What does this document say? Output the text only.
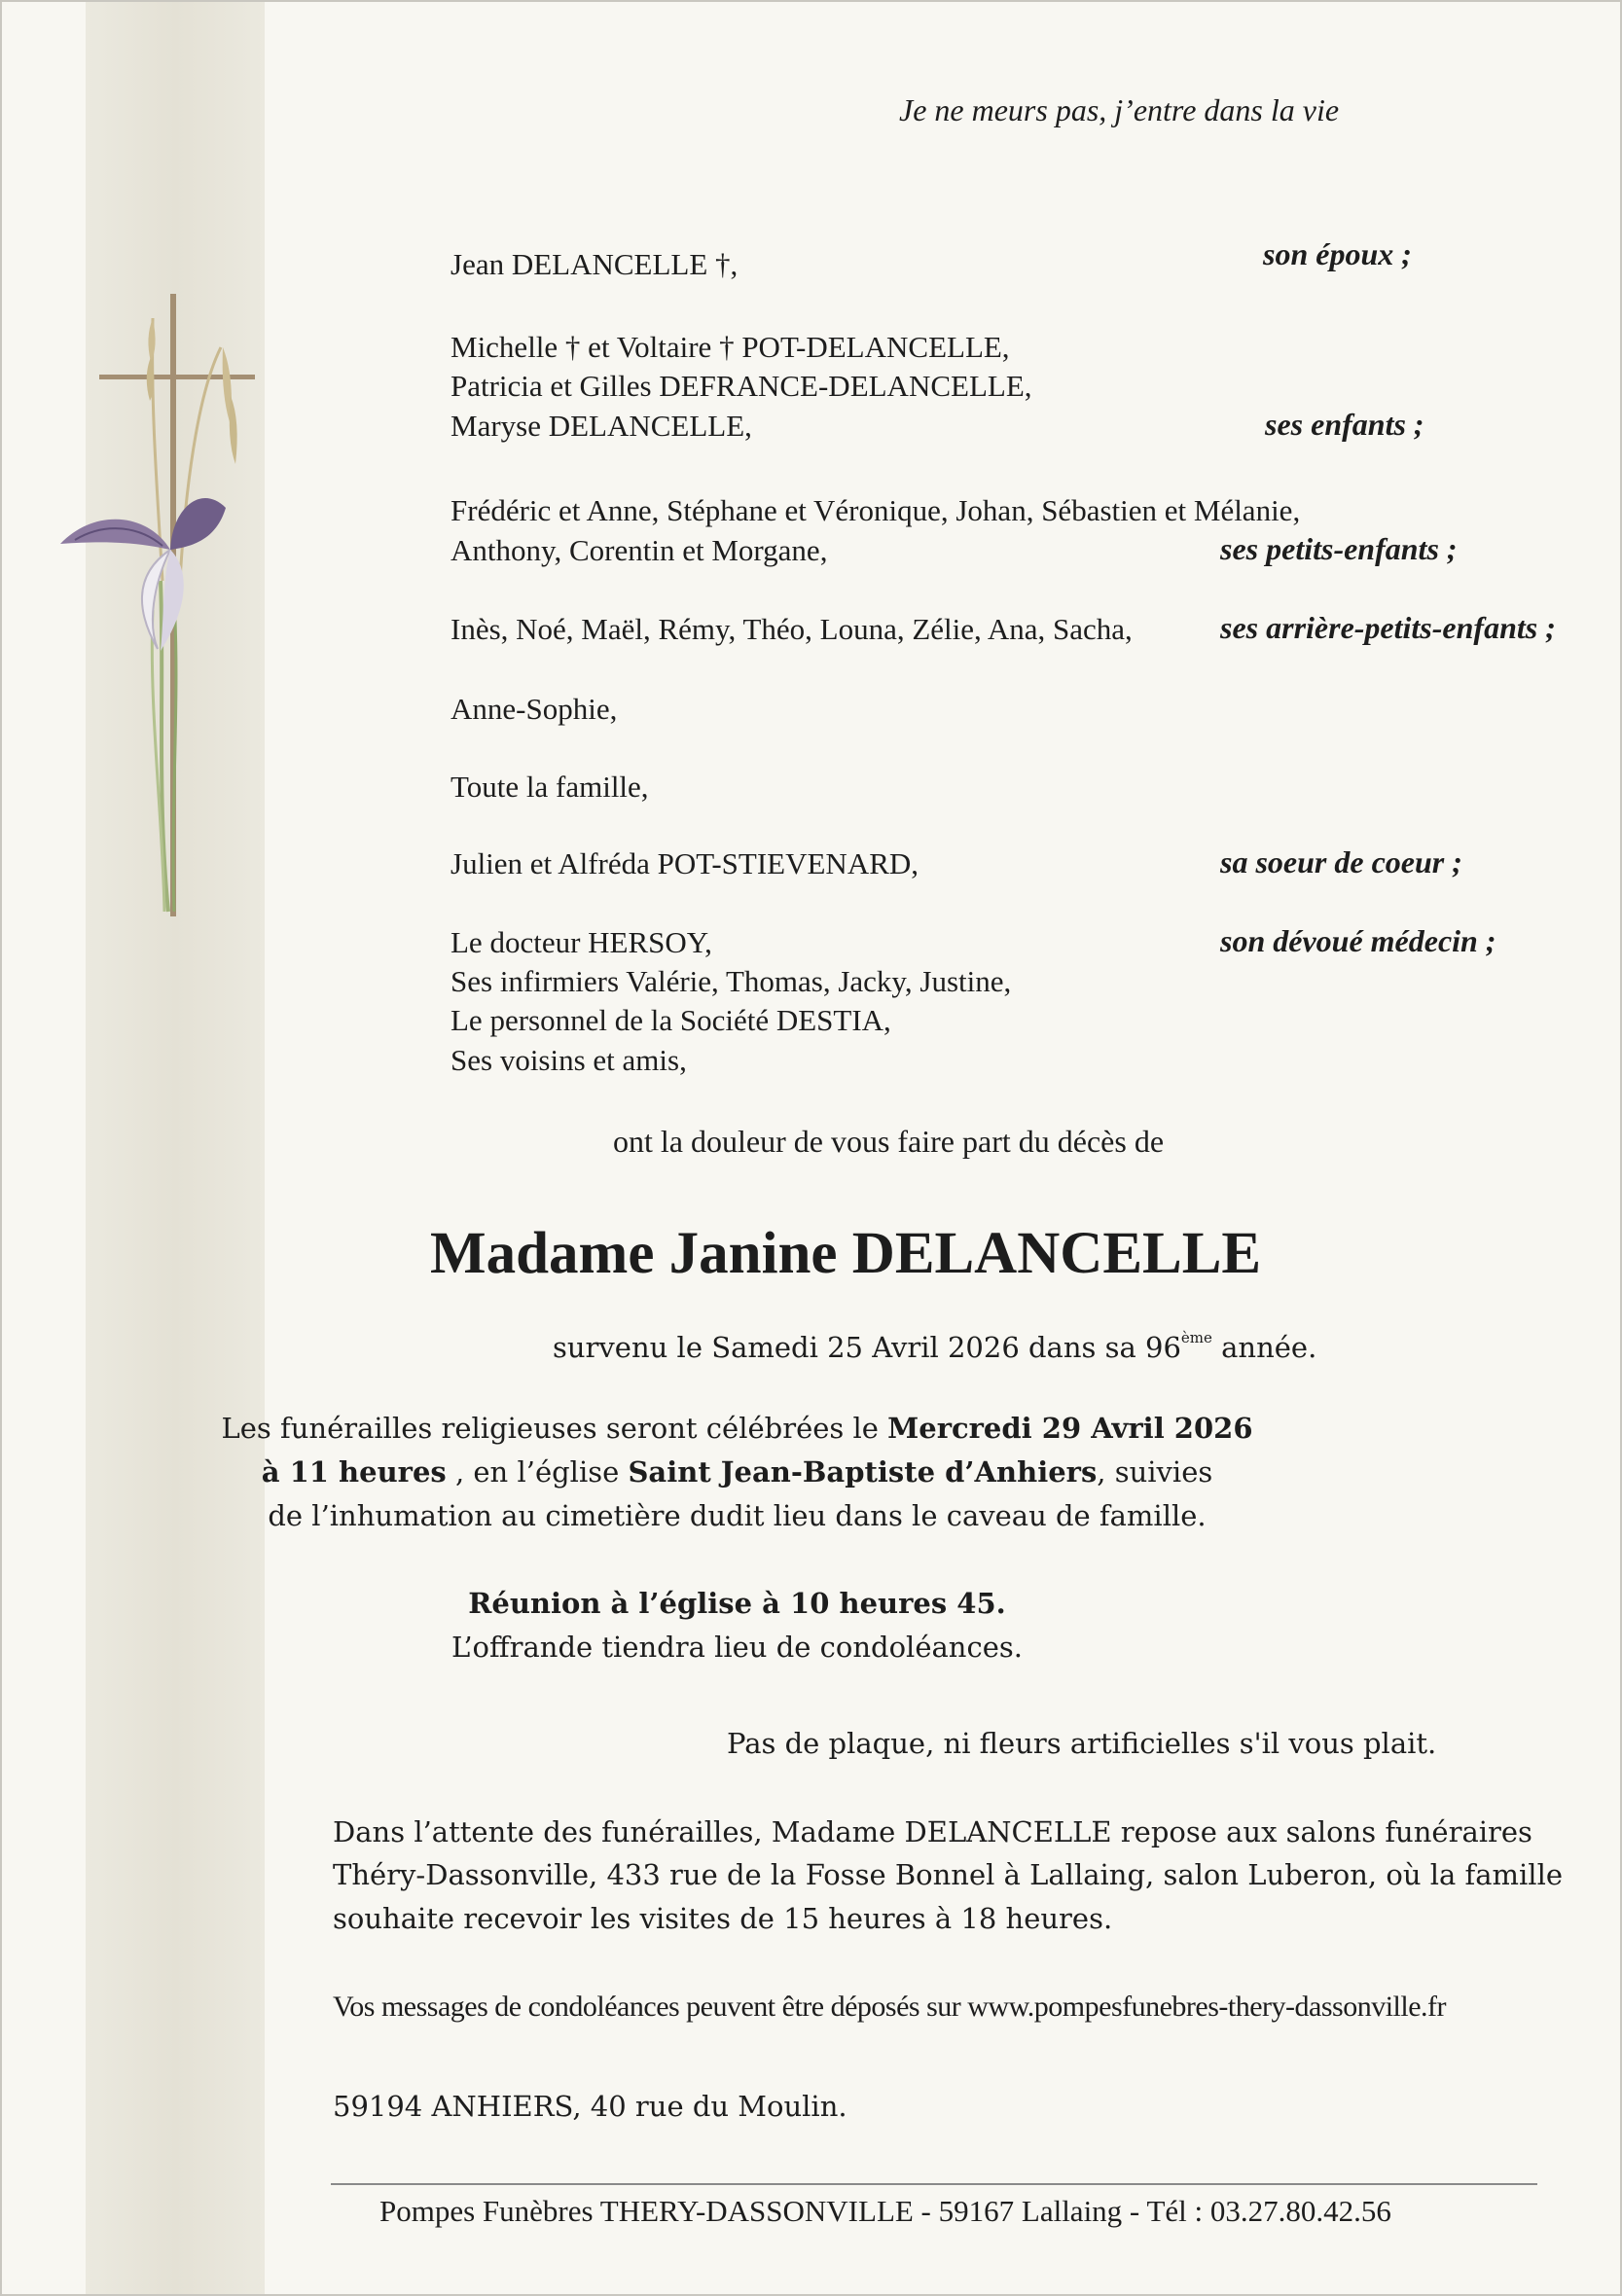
Je ne meurs pas, j’entre dans la vie
Jean DELANCELLE †,	son époux ;
Michelle † et Voltaire † POT-DELANCELLE,
Patricia et Gilles DEFRANCE-DELANCELLE,
Maryse DELANCELLE,	ses enfants ;
Frédéric et Anne, Stéphane et Véronique, Johan, Sébastien et Mélanie,
Anthony, Corentin et Morgane,	ses petits-enfants ;
Inès, Noé, Maël, Rémy, Théo, Louna, Zélie, Ana, Sacha,	ses arrière-petits-enfants ;
Anne-Sophie,
Toute la famille,
Julien et Alfréda POT-STIEVENARD,	sa soeur de coeur ;
Le docteur HERSOY,	son dévoué médecin ;
Ses infirmiers Valérie, Thomas, Jacky, Justine,
Le personnel de la Société DESTIA,
Ses voisins et amis,
ont la douleur de vous faire part du décès de
Madame Janine DELANCELLE
survenu le Samedi 25 Avril 2026 dans sa 96ème année.
Les funérailles religieuses seront célébrées le Mercredi 29 Avril 2026
à 11 heures , en l’église Saint Jean-Baptiste d’Anhiers, suivies
de l’inhumation au cimetière dudit lieu dans le caveau de famille.
Réunion à l’église à 10 heures 45.
L’offrande tiendra lieu de condoléances.
Pas de plaque, ni fleurs artificielles s'il vous plait.
Dans l’attente des funérailles, Madame DELANCELLE repose aux salons funéraires
Théry-Dassonville, 433 rue de la Fosse Bonnel à Lallaing, salon Luberon, où la famille
souhaite recevoir les visites de 15 heures à 18 heures.
Vos messages de condoléances peuvent être déposés sur www.pompesfunebres-thery-dassonville.fr
59194 ANHIERS, 40 rue du Moulin.
Pompes Funèbres THERY-DASSONVILLE - 59167 Lallaing - Tél : 03.27.80.42.56
